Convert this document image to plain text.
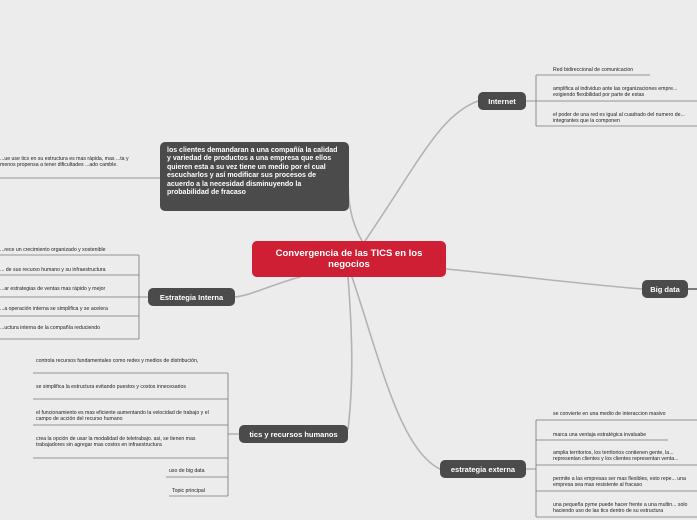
Convergencia de las TICS en los negocios
Internet
Red bidireccional de comunicacion
amplifica al individuo ante las organizaciones empre... exigiendo flexibilidad por parte de estas
el poder de una red es igual al cuadrado del numero de... integrantes que la componen
los clientes demandaran a una compañía la calidad y variedad de productos a una empresa que ellos quieren esta a su vez tiene un medio por el cual escucharlos y así modificar sus procesos de acuerdo a la necesidad disminuyendo la probabilidad de fracaso
...ue use tics en su estructura es mas rápida, mas ...ta y menos propensa a tener dificultades ...ado camble.
Estrategia Interna
...rece un crecimiento organizado y sostenible
... de sus recurso humano y su infraestructura
...ar estrategias de ventas mas rápido y mejor
...a operación interna se simplifica y se acelera
...uctura interna de la compañía reduciendo
Big data
tics y recursos humanos
controla recursos fundamentales como redes y medios de distribución,
se simplifica la estructura evitando puestos y costos innecesarios
el funcionamiento es mas eficiente aumentando la velocidad de trabajo y el campo de acción del recurso humano
crea la opción de usar la modalidad de teletrabajo. asi, se tienen mas trabajadores sin agregar mas costos en infraestructura
uso de big data
Topic principal
estrategia externa
se convierte en una medio de interaccion masivo
marca una ventaja estratégica invaluabe
amplia territorios, los territorios contienen gente, la... representan clientes y los clientes representan venta...
permite a las empresas ser mas flexibles, esto repe... una empresa sea mas resistente al fracaso
una pequeña pyme puede hacer frente a una multin... solo haciendo uso de las tics dentro de su estructura
